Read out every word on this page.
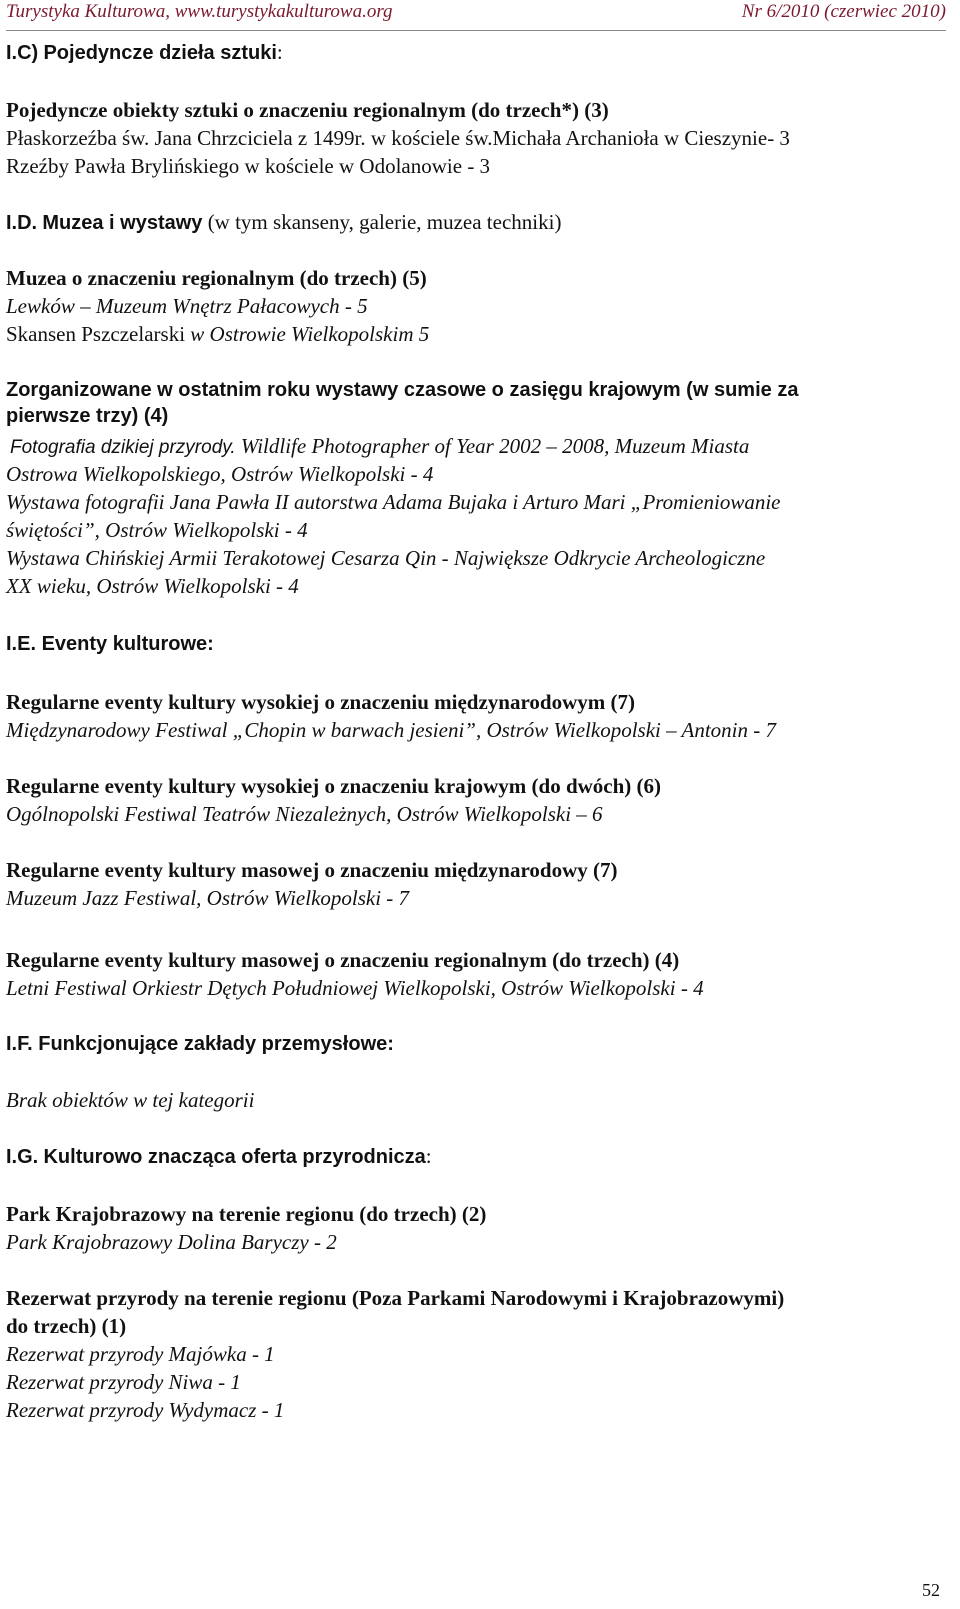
Turystyka Kulturowa, www.turystykakulturowa.org	Nr 6/2010 (czerwiec 2010)
I.C) Pojedyncze dzieła sztuki:
Pojedyncze obiekty sztuki o znaczeniu regionalnym (do trzech*) (3)
Płaskorzeźba św. Jana Chrzciciela z 1499r. w kościele św.Michała Archanioła w Cieszynie- 3
Rzeźby Pawła Brylińskiego w kościele w Odolanowie - 3
I.D. Muzea i wystawy (w tym skanseny, galerie, muzea techniki)
Muzea o znaczeniu regionalnym (do trzech) (5)
Lewków – Muzeum Wnętrz Pałacowych - 5
Skansen Pszczelarski w Ostrowie Wielkopolskim 5
Zorganizowane w ostatnim roku wystawy czasowe o zasięgu krajowym (w sumie za
pierwsze trzy) (4)
Fotografia dzikiej przyrody. Wildlife Photographer of Year 2002 – 2008, Muzeum Miasta
Ostrowa Wielkopolskiego, Ostrów Wielkopolski - 4
Wystawa fotografii Jana Pawła II autorstwa Adama Bujaka i Arturo Mari „Promieniowanie
świętości”, Ostrów Wielkopolski - 4
Wystawa Chińskiej Armii Terakotowej Cesarza Qin - Największe Odkrycie Archeologiczne
XX wieku, Ostrów Wielkopolski - 4
I.E. Eventy kulturowe:
Regularne eventy kultury wysokiej o znaczeniu międzynarodowym (7)
Międzynarodowy Festiwal „Chopin w barwach jesieni”, Ostrów Wielkopolski – Antonin - 7
Regularne eventy kultury wysokiej o znaczeniu krajowym (do dwóch) (6)
Ogólnopolski Festiwal Teatrów Niezależnych, Ostrów Wielkopolski – 6
Regularne eventy kultury masowej o znaczeniu międzynarodowy (7)
Muzeum Jazz Festiwal, Ostrów Wielkopolski - 7
Regularne eventy kultury masowej o znaczeniu regionalnym (do trzech) (4)
Letni Festiwal Orkiestr Dętych Południowej Wielkopolski, Ostrów Wielkopolski - 4
I.F. Funkcjonujące zakłady przemysłowe:
Brak obiektów w tej kategorii
I.G. Kulturowo znacząca oferta przyrodnicza:
Park Krajobrazowy na terenie regionu (do trzech) (2)
Park Krajobrazowy Dolina Baryczy - 2
Rezerwat przyrody na terenie regionu (Poza Parkami Narodowymi i Krajobrazowymi)
do trzech) (1)
Rezerwat przyrody Majówka - 1
Rezerwat przyrody Niwa - 1
Rezerwat przyrody Wydymacz - 1
52
